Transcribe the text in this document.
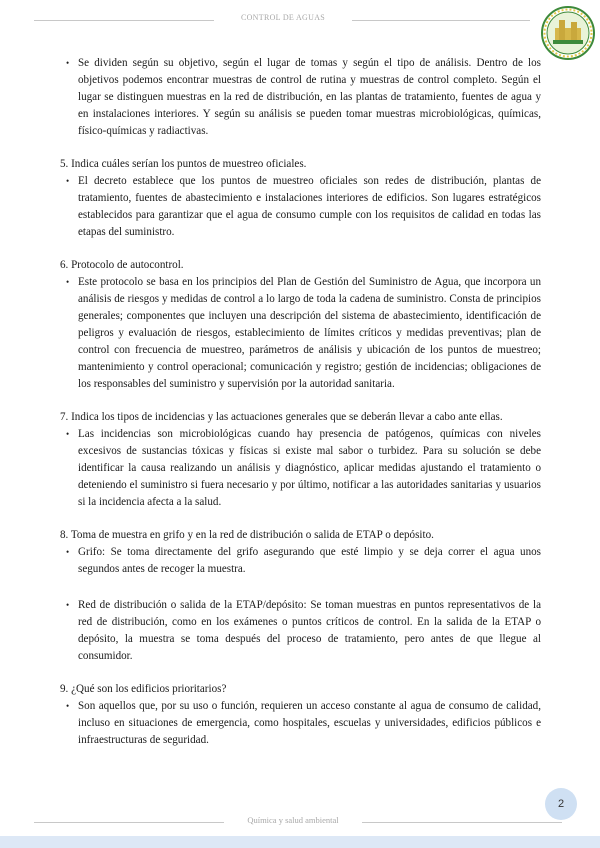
CONTROL DE AGUAS

• Se dividen según su objetivo, según el lugar de tomas y según el tipo de análisis. Dentro de los objetivos podemos encontrar muestras de control de rutina y muestras de control completo. Según el lugar se distinguen muestras en la red de distribución, en las plantas de tratamiento, fuentes de agua y en instalaciones interiores. Y según su análisis se pueden tomar muestras microbiológicas, químicas, físico-químicas y radiactivas.

5. Indica cuáles serían los puntos de muestreo oficiales.

• El decreto establece que los puntos de muestreo oficiales son redes de distribución, plantas de tratamiento, fuentes de abastecimiento e instalaciones interiores de edificios. Son lugares estratégicos establecidos para garantizar que el agua de consumo cumple con los requisitos de calidad en todas las etapas del suministro.

6. Protocolo de autocontrol.

• Este protocolo se basa en los principios del Plan de Gestión del Suministro de Agua, que incorpora un análisis de riesgos y medidas de control a lo largo de toda la cadena de suministro. Consta de principios generales; componentes que incluyen una descripción del sistema de abastecimiento, identificación de peligros y evaluación de riesgos, establecimiento de límites críticos y medidas preventivas; plan de control con frecuencia de muestreo, parámetros de análisis y ubicación de los puntos de muestreo; mantenimiento y control operacional; comunicación y registro; gestión de incidencias; obligaciones de los responsables del suministro y supervisión por la autoridad sanitaria.

7. Indica los tipos de incidencias y las actuaciones generales que se deberán llevar a cabo ante ellas.

• Las incidencias son microbiológicas cuando hay presencia de patógenos, químicas con niveles excesivos de sustancias tóxicas y físicas si existe mal sabor o turbidez. Para su solución se debe identificar la causa realizando un análisis y diagnóstico, aplicar medidas ajustando el tratamiento o deteniendo el suministro si fuera necesario y por último, notificar a las autoridades sanitarias y usuarios si la incidencia afecta a la salud.

8. Toma de muestra en grifo y en la red de distribución o salida de ETAP o depósito.

• Grifo: Se toma directamente del grifo asegurando que esté limpio y se deja correr el agua unos segundos antes de recoger la muestra.

• Red de distribución o salida de la ETAP/depósito: Se toman muestras en puntos representativos de la red de distribución, como en los exámenes o puntos críticos de control. En la salida de la ETAP o depósito, la muestra se toma después del proceso de tratamiento, pero antes de que llegue al consumidor.

9. ¿Qué son los edificios prioritarios?

• Son aquellos que, por su uso o función, requieren un acceso constante al agua de consumo de calidad, incluso en situaciones de emergencia, como hospitales, escuelas y universidades, edificios públicos e infraestructuras de seguridad.

2
Química y salud ambiental
